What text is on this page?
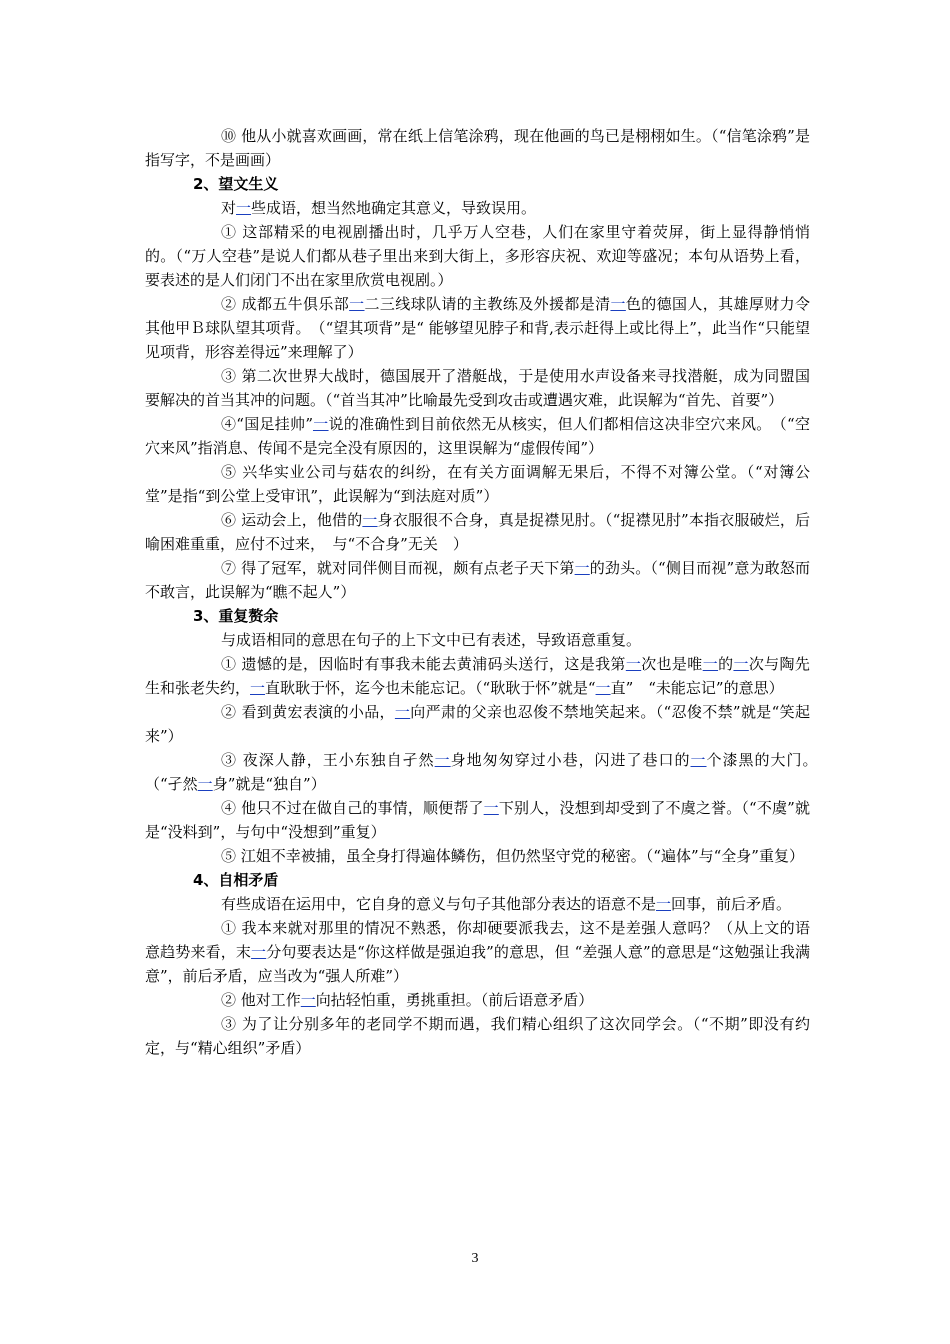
⑩ 他从小就喜欢画画，常在纸上信笔涂鸦，现在他画的鸟已是栩栩如生。（“信笔涂鸦”是指写字，不是画画）

2、望文生义

对一些成语，想当然地确定其意义，导致误用。

① 这部精采的电视剧播出时，几乎万人空巷，人们在家里守着荧屏，街上显得静悄悄的。（“万人空巷”是说人们都从巷子里出来到大街上，多形容庆祝、欢迎等盛况；本句从语势上看，要表述的是人们闭门不出在家里欣赏电视剧。）

② 成都五牛俱乐部一二三线球队请的主教练及外援都是清一色的德国人，其雄厚财力令其他甲Ｂ球队望其项背。　（“望其项背”是“ 能够望见脖子和背,表示赶得上或比得上”，此当作“只能望见项背，形容差得远”来理解了）

③ 第二次世界大战时，德国展开了潜艇战，于是使用水声设备来寻找潜艇，成为同盟国要解决的首当其冲的问题。（“首当其冲”比喻最先受到攻击或遭遇灾难，此误解为“首先、首要”）

④“国足挂帅”一说的准确性到目前依然无从核实，但人们都相信这决非空穴来风。　（“空穴来风”指消息、传闻不是完全没有原因的，这里误解为“虚假传闻”）

⑤ 兴华实业公司与菇农的纠纷，在有关方面调解无果后，不得不对簿公堂。（“对簿公堂”是指“到公堂上受审讯”，此误解为“到法庭对质”）

⑥ 运动会上，他借的一身衣服很不合身，真是捉襟见肘。（“捉襟见肘”本指衣服破烂，后喻困难重重，应付不过来，　与“不合身”无关　）

⑦ 得了冠军，就对同伴侧目而视，颇有点老子天下第一的劲头。（“侧目而视”意为敢怒而不敢言，此误解为“瞧不起人”）

3、重复赘余

与成语相同的意思在句子的上下文中已有表述，导致语意重复。

① 遗憾的是，因临时有事我未能去黄浦码头送行，这是我第一次也是唯一的一次与陶先生和张老失约，一直耿耿于怀，迄今也未能忘记。（“耿耿于怀”就是“一直”　“未能忘记”的意思）

② 看到黄宏表演的小品，一向严肃的父亲也忍俊不禁地笑起来。（“忍俊不禁”就是“笑起来”）

③ 夜深人静，王小东独自孑然一身地匆匆穿过小巷，闪进了巷口的一个漆黑的大门。　（“孑然一身”就是“独自”）

④ 他只不过在做自己的事情，顺便帮了一下别人，没想到却受到了不虞之誉。（“不虞”就是“没料到”，与句中“没想到”重复）

⑤ 江姐不幸被捕，虽全身打得遍体鳞伤，但仍然坚守党的秘密。（“遍体”与“全身”重复）

4、自相矛盾

有些成语在运用中，它自身的意义与句子其他部分表达的语意不是一回事，前后矛盾。

① 我本来就对那里的情况不熟悉，你却硬要派我去，这不是差强人意吗？（从上文的语意趋势来看，末一分句要表达是“你这样做是强迫我”的意思，但 “差强人意”的意思是“这勉强让我满意”，前后矛盾，应当改为“强人所难”）

② 他对工作一向拈轻怕重，勇挑重担。（前后语意矛盾）

③ 为了让分别多年的老同学不期而遇，我们精心组织了这次同学会。（“不期”即没有约定，与“精心组织”矛盾）

3
